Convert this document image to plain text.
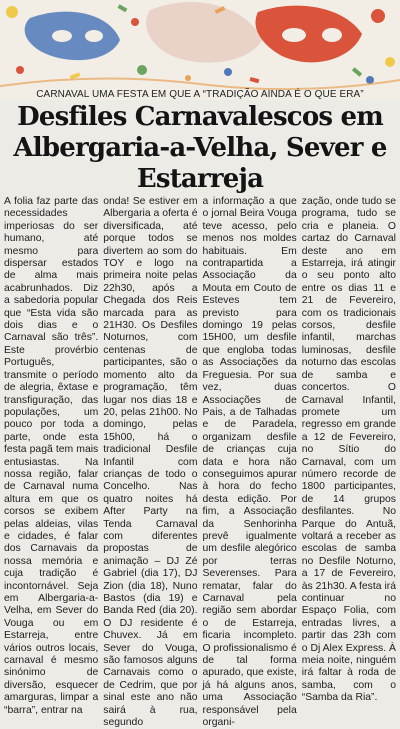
CARNAVAL UMA FESTA EM QUE A “TRADIÇÃO AINDA É O QUE ERA”
Desfiles Carnavalescos em Albergaria-a-Velha, Sever e Estarreja
A folia faz parte das necessidades imperiosas do ser humano, até mesmo para dispersar estados de alma mais acabrunhados. Diz a sabedoria popular que “Esta vida são dois dias e o Carnaval são três”. Este provérbio Português, transmite o período de alegria, êxtase e transfiguração, das populações, um pouco por toda a parte, onde esta festa pagã tem mais entusiastas. Na nossa região, falar de Carnaval numa altura em que os corsos se exibem pelas aldeias, vilas e cidades, é falar dos Carnavais da nossa memória e cuja tradição é incontornável. Seja em Albergaria-a-Velha, em Sever do Vouga ou em Estarreja, entre vários outros locais, carnaval é mesmo sinónimo de diversão, esquecer amarguras, limpar a “barra”, entrar na
onda! Se estiver em Albergaria a oferta é diversificada, até porque todos se divertem ao som do TOY e logo na primeira noite pelas 22h30, após a Chegada dos Reis marcada para as 21H30. Os Desfiles Noturnos, com centenas de participantes, são o momento alto da programação, têm lugar nos dias 18 e 20, pelas 21h00. No domingo, pelas 15h00, há o tradicional Desfile Infantil com crianças de todo o Concelho. Nas quatro noites há After Party na Tenda Carnaval com diferentes propostas de animação – DJ Zé Gabriel (dia 17), DJ Zion (dia 18), Nuno Bastos (dia 19) e Banda Red (dia 20). O DJ residente é Chuvex. Já em Sever do Vouga, são famosos alguns Carnavais como o de Cedrim, que por sinal este ano não sairá à rua, segundo
a informação a que o jornal Beira Vouga teve acesso, pelo menos nos moldes habituais. Em contrapartida a Associação da Mouta em Couto de Esteves tem previsto para domingo 19 pelas 15H00, um desfile que engloba todas as Associações da Freguesia. Por sua vez, duas Associações de Pais, a de Talhadas e de Paradela, organizam desfile de crianças cuja data e hora não conseguimos apurar à hora do fecho desta edição. Por fim, a Associação da Senhorinha prevê igualmente um desfile alegórico por terras Severenses. Para rematar, falar do Carnaval pela região sem abordar o de Estarreja, ficaria incompleto. O profissionalismo é de tal forma apurado, que existe, já há alguns anos, uma Associação responsável pela organi-
zação, onde tudo se programa, tudo se cria e planeia. O cartaz do Carnaval deste ano em Estarreja, irá atingir o seu ponto alto entre os dias 11 e 21 de Fevereiro, com os tradicionais corsos, desfile infantil, marchas luminosas, desfile noturno das escolas de samba e concertos. O Carnaval Infantil, promete um regresso em grande a 12 de Fevereiro, no Sítio do Carnaval, com um número recorde de 1800 participantes, de 14 grupos desfilantes. No Parque do Antuã, voltará a receber as escolas de samba no Desfile Noturno, a 17 de Fevereiro, às 21h30. A festa irá continuar no Espaço Folia, com entradas livres, a partir das 23h com o Dj Alex Express. À meia noite, ninguém irá faltar à roda de samba, com o “Samba da Ria”.
